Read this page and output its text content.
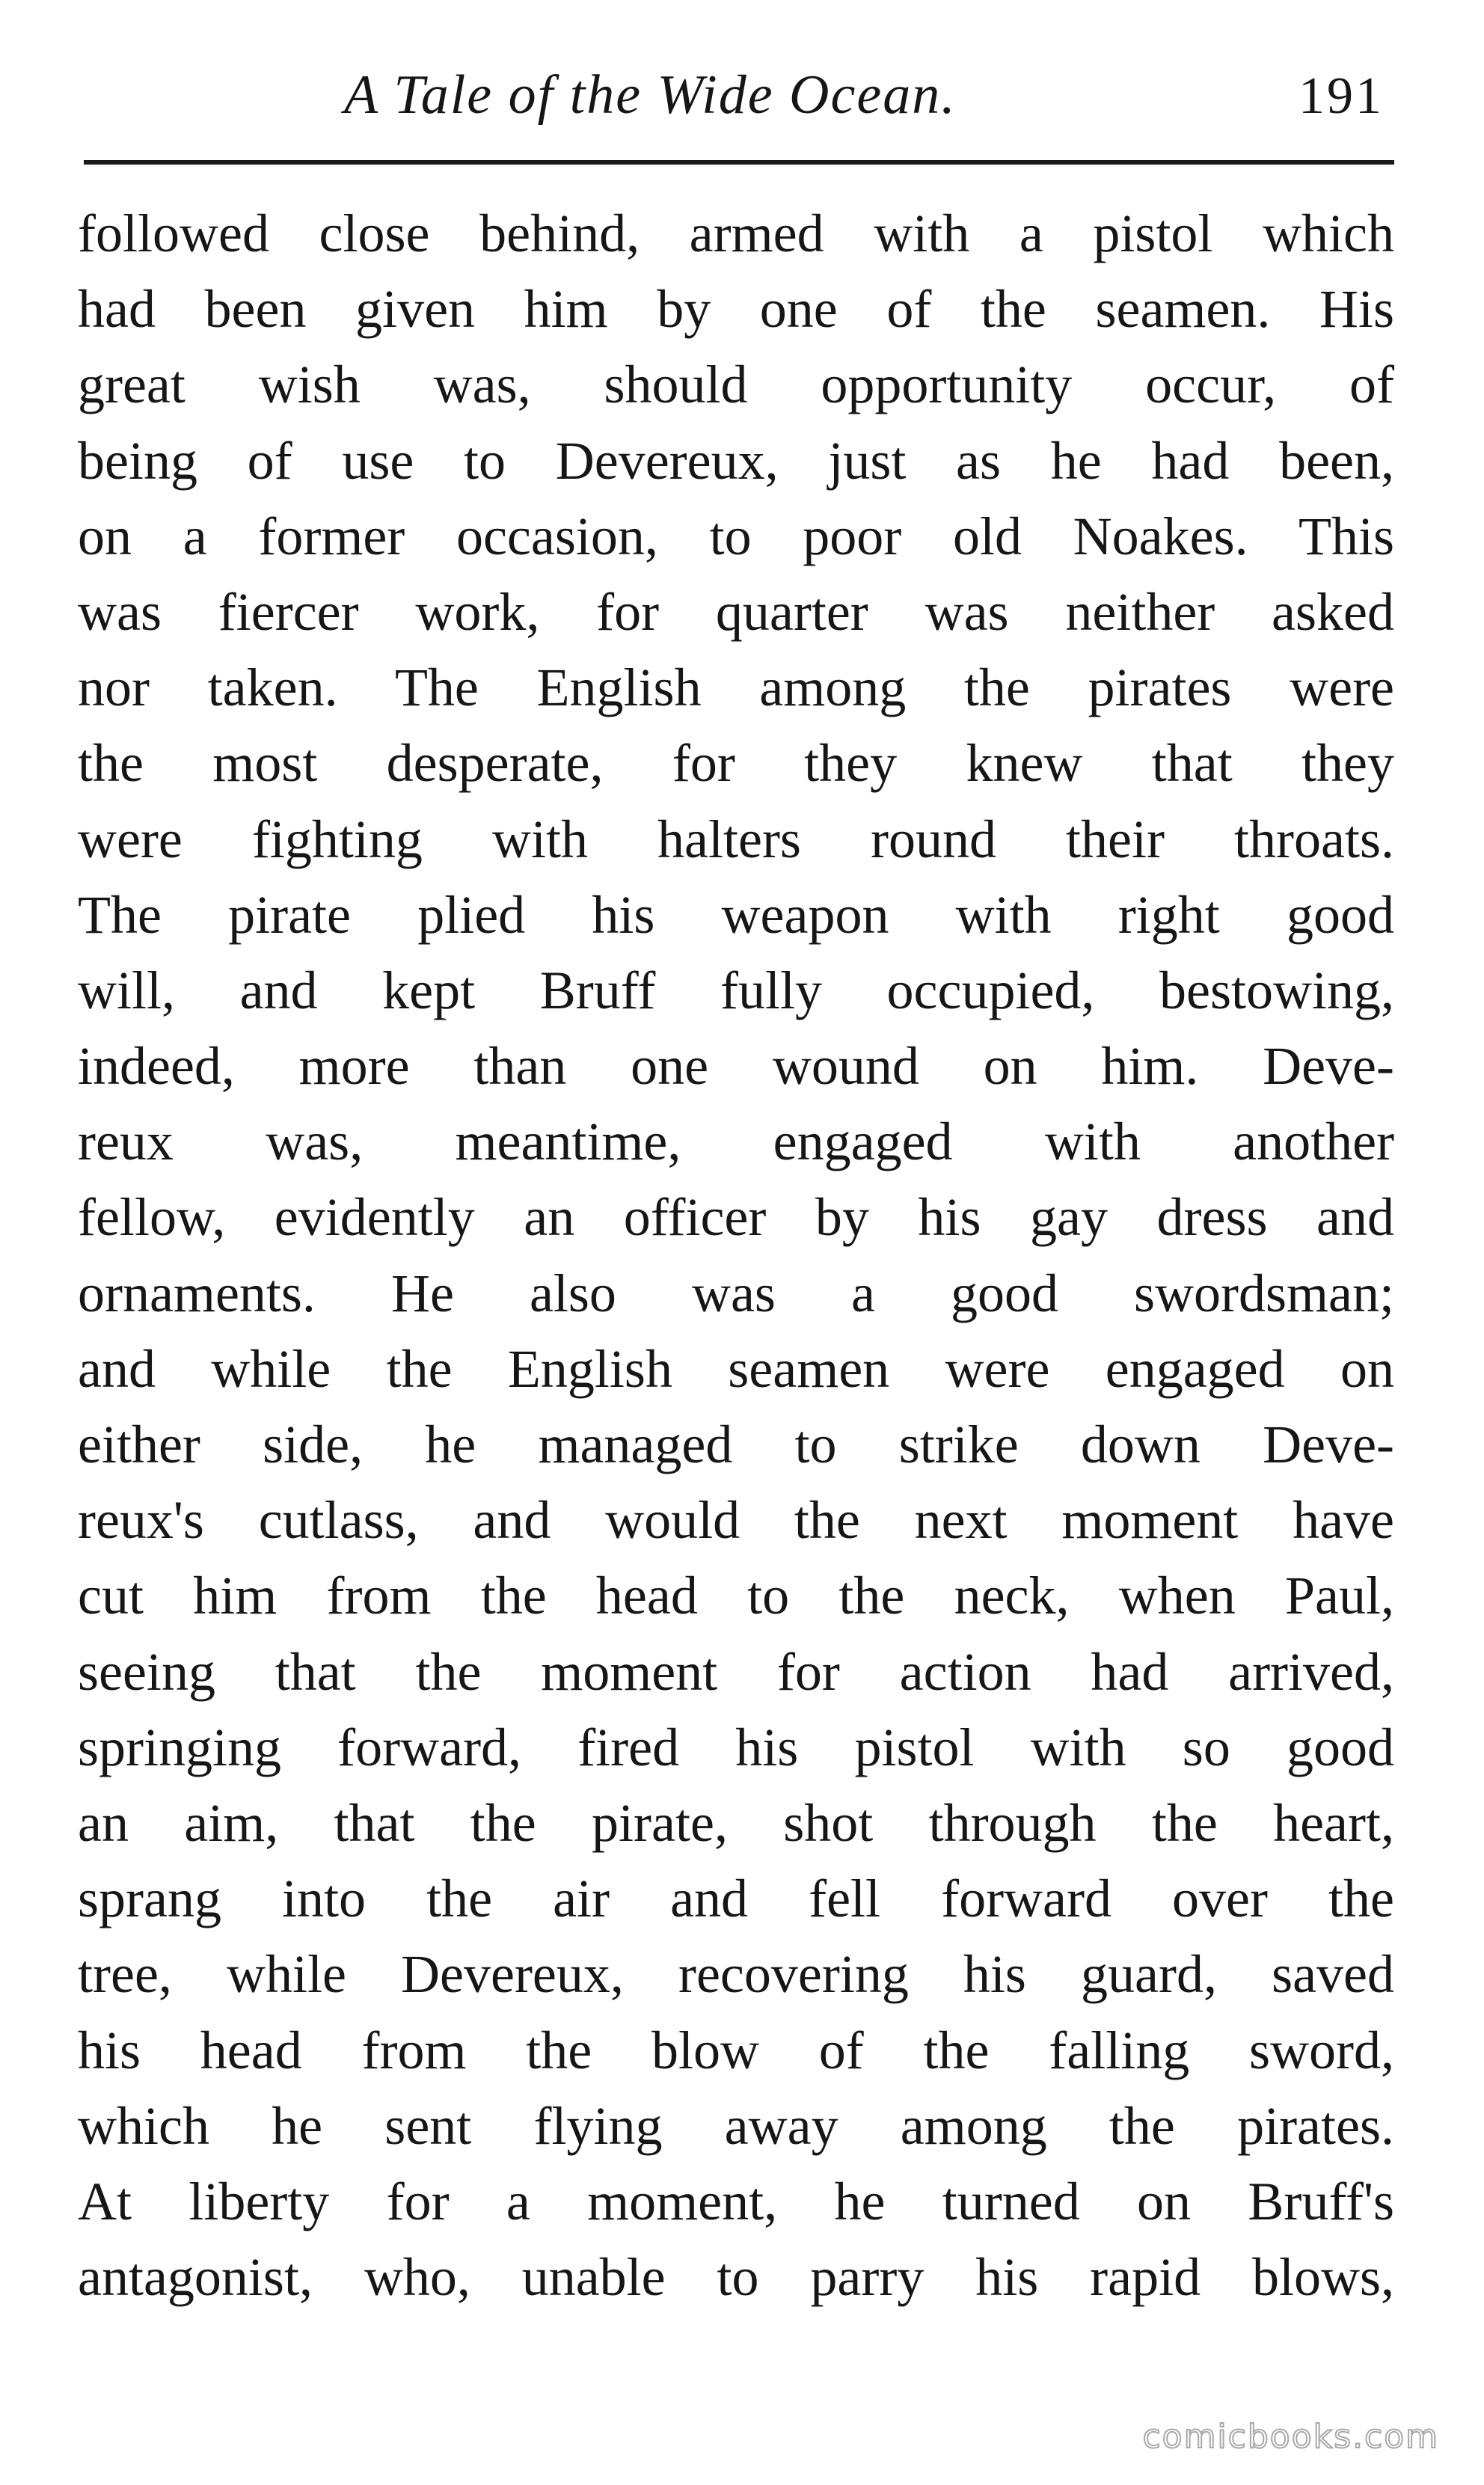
A Tale of the Wide Ocean.	191
followed close behind, armed with a pistol which
had been given him by one of the seamen. His
great wish was, should opportunity occur, of
being of use to Devereux, just as he had been,
on a former occasion, to poor old Noakes. This
was fiercer work, for quarter was neither asked
nor taken. The English among the pirates were
the most desperate, for they knew that they
were fighting with halters round their throats.
The pirate plied his weapon with right good
will, and kept Bruff fully occupied, bestowing,
indeed, more than one wound on him. Deve-
reux was, meantime, engaged with another
fellow, evidently an officer by his gay dress and
ornaments. He also was a good swordsman;
and while the English seamen were engaged on
either side, he managed to strike down Deve-
reux's cutlass, and would the next moment have
cut him from the head to the neck, when Paul,
seeing that the moment for action had arrived,
springing forward, fired his pistol with so good
an aim, that the pirate, shot through the heart,
sprang into the air and fell forward over the
tree, while Devereux, recovering his guard, saved
his head from the blow of the falling sword,
which he sent flying away among the pirates.
At liberty for a moment, he turned on Bruff's
antagonist, who, unable to parry his rapid blows,
comicbooks.com
